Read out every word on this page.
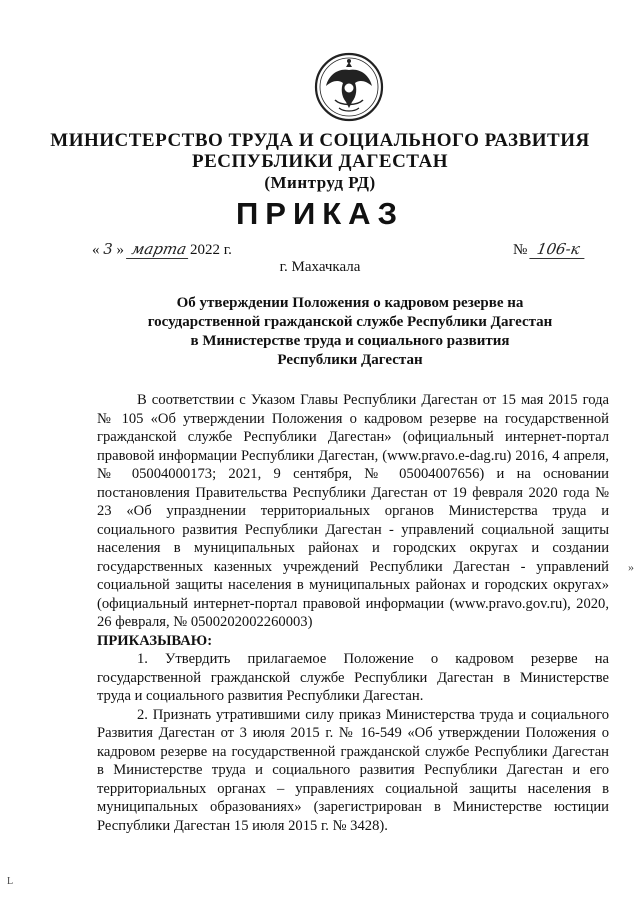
МИНИСТЕРСТВО ТРУДА И СОЦИАЛЬНОГО РАЗВИТИЯ
РЕСПУБЛИКИ ДАГЕСТАН
(Минтруд РД)
ПРИКАЗ
« 3 » марта 2022 г.	№ 106-к
г. Махачкала
Об утверждении Положения о кадровом резерве на
государственной гражданской службе Республики Дагестан
в Министерстве труда и социального развития
Республики Дагестан

В соответствии с Указом Главы Республики Дагестан от 15 мая 2015 года № 105 «Об утверждении Положения о кадровом резерве на государственной гражданской службе Республики Дагестан» (официальный интернет-портал правовой информации Республики Дагестан, (www.pravo.e-dag.ru) 2016, 4 апреля, № 05004000173; 2021, 9 сентября, № 05004007656) и на основании постановления Правительства Республики Дагестан от 19 февраля 2020 года № 23 «Об упразднении территориальных органов Министерства труда и социального развития Республики Дагестан - управлений социальной защиты населения в муниципальных районах и городских округах и создании государственных казенных учреждений Республики Дагестан - управлений социальной защиты населения в муниципальных районах и городских округах» (официальный интернет-портал правовой информации (www.pravo.gov.ru), 2020, 26 февраля, № 0500202002260003)

ПРИКАЗЫВАЮ:

1. Утвердить прилагаемое Положение о кадровом резерве на государственной гражданской службе Республики Дагестан в Министерстве труда и социального развития Республики Дагестан.

2. Признать утратившими силу приказ Министерства труда и социального Развития Дагестан от 3 июля 2015 г. № 16-549 «Об утверждении Положения о кадровом резерве на государственной гражданской службе Республики Дагестан в Министерстве труда и социального развития Республики Дагестан и его территориальных органах – управлениях социальной защиты населения в муниципальных образованиях» (зарегистрирован в Министерстве юстиции Республики Дагестан 15 июля 2015 г. № 3428).

»
L
